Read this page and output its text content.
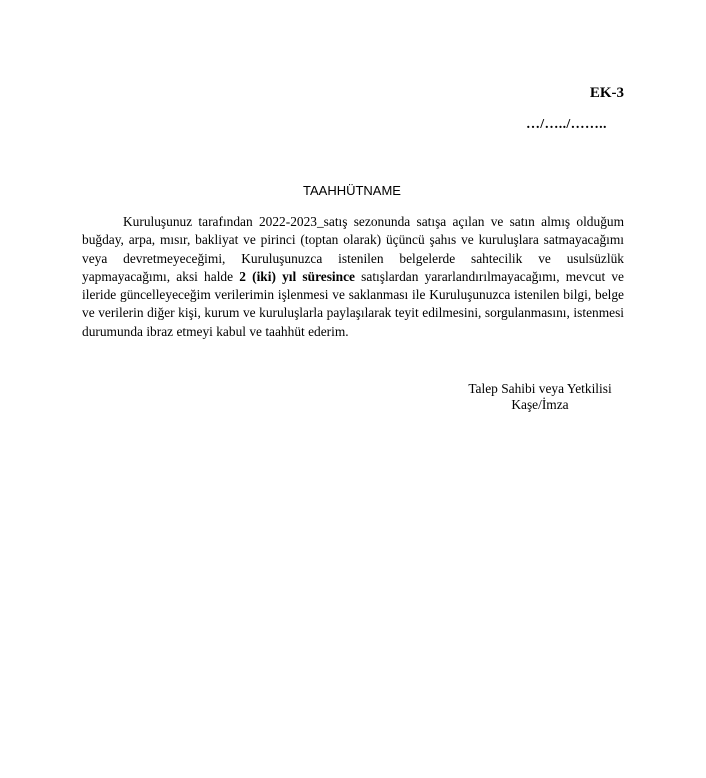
EK-3
…/…../……..
TAAHHÜTNAME

Kuruluşunuz tarafından 2022-2023_satış sezonunda satışa açılan ve satın almış olduğum buğday, arpa, mısır, bakliyat ve pirinci (toptan olarak) üçüncü şahıs ve kuruluşlara satmayacağımı veya devretmeyeceğimi, Kuruluşunuzca istenilen belgelerde sahtecilik ve usulsüzlük yapmayacağımı, aksi halde 2 (iki) yıl süresince satışlardan yararlandırılmayacağımı, mevcut ve ileride güncelleyeceğim verilerimin işlenmesi ve saklanması ile Kuruluşunuzca istenilen bilgi, belge ve verilerin diğer kişi, kurum ve kuruluşlarla paylaşılarak teyit edilmesini, sorgulanmasını, istenmesi durumunda ibraz etmeyi kabul ve taahhüt ederim.

Talep Sahibi veya Yetkilisi
Kaşe/İmza
